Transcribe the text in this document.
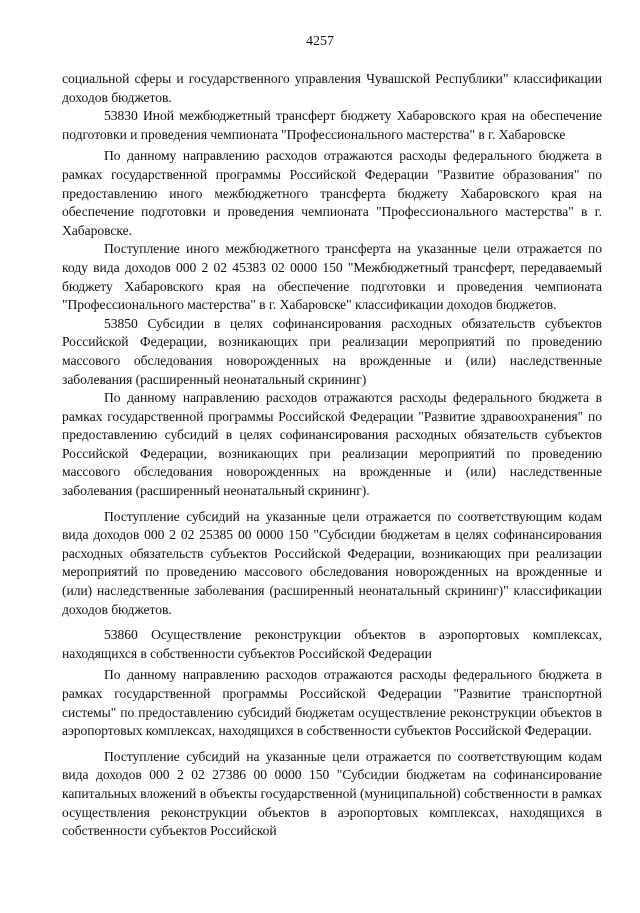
4257

социальной сферы и государственного управления Чувашской Республики" классификации доходов бюджетов.

53830 Иной межбюджетный трансферт бюджету Хабаровского края на обеспечение подготовки и проведения чемпионата "Профессионального мастерства" в г. Хабаровске

По данному направлению расходов отражаются расходы федерального бюджета в рамках государственной программы Российской Федерации "Развитие образования" по предоставлению иного межбюджетного трансферта бюджету Хабаровского края на обеспечение подготовки и проведения чемпионата "Профессионального мастерства" в г. Хабаровске.

Поступление иного межбюджетного трансферта на указанные цели отражается по коду вида доходов 000 2 02 45383 02 0000 150 "Межбюджетный трансферт, передаваемый бюджету Хабаровского края на обеспечение подготовки и проведения чемпионата "Профессионального мастерства" в г. Хабаровске" классификации доходов бюджетов.

53850 Субсидии в целях софинансирования расходных обязательств субъектов Российской Федерации, возникающих при реализации мероприятий по проведению массового обследования новорожденных на врожденные и (или) наследственные заболевания (расширенный неонатальный скрининг)

По данному направлению расходов отражаются расходы федерального бюджета в рамках государственной программы Российской Федерации "Развитие здравоохранения" по предоставлению субсидий в целях софинансирования расходных обязательств субъектов Российской Федерации, возникающих при реализации мероприятий по проведению массового обследования новорожденных на врожденные и (или) наследственные заболевания (расширенный неонатальный скрининг).

Поступление субсидий на указанные цели отражается по соответствующим кодам вида доходов 000 2 02 25385 00 0000 150 "Субсидии бюджетам в целях софинансирования расходных обязательств субъектов Российской Федерации, возникающих при реализации мероприятий по проведению массового обследования новорожденных на врожденные и (или) наследственные заболевания (расширенный неонатальный скрининг)" классификации доходов бюджетов.

53860 Осуществление реконструкции объектов в аэропортовых комплексах, находящихся в собственности субъектов Российской Федерации

По данному направлению расходов отражаются расходы федерального бюджета в рамках государственной программы Российской Федерации "Развитие транспортной системы" по предоставлению субсидий бюджетам осуществление реконструкции объектов в аэропортовых комплексах, находящихся в собственности субъектов Российской Федерации.

Поступление субсидий на указанные цели отражается по соответствующим кодам вида доходов 000 2 02 27386 00 0000 150 "Субсидии бюджетам на софинансирование капитальных вложений в объекты государственной (муниципальной) собственности в рамках осуществления реконструкции объектов в аэропортовых комплексах, находящихся в собственности субъектов Российской
